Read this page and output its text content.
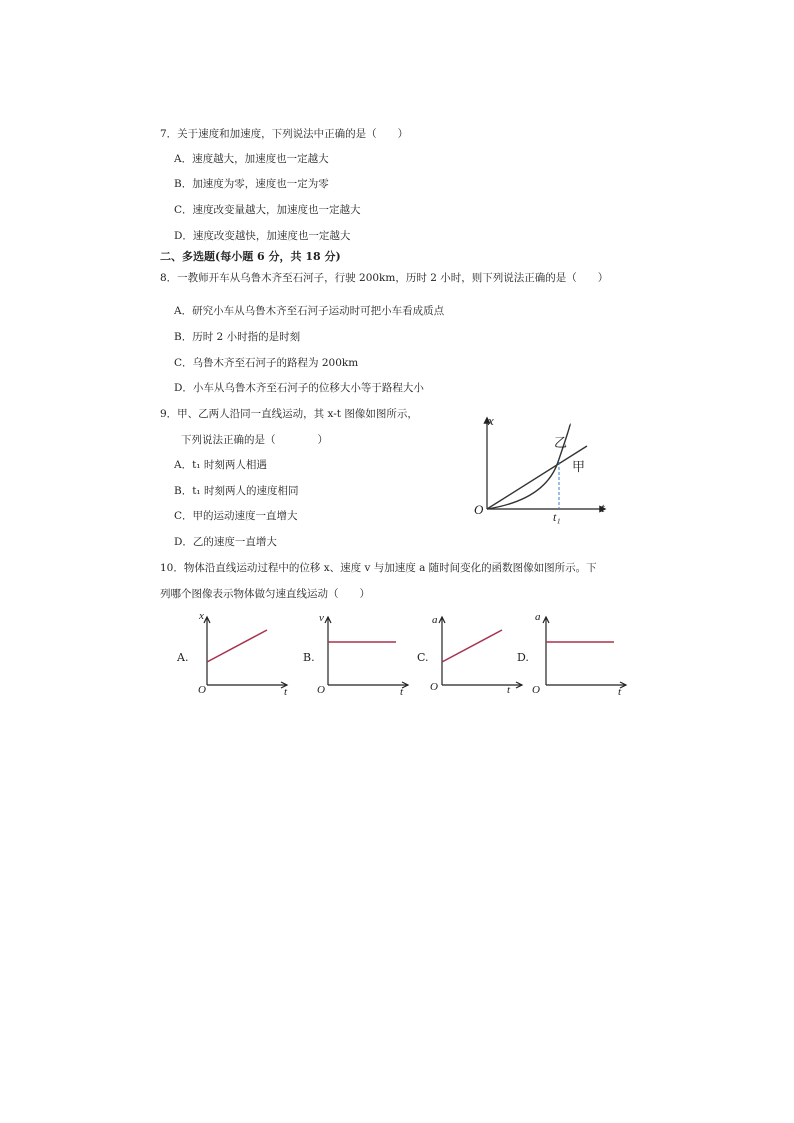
7．关于速度和加速度，下列说法中正确的是（　　）
A．速度越大，加速度也一定越大
B．加速度为零，速度也一定为零
C．速度改变量越大，加速度也一定越大
D．速度改变越快，加速度也一定越大
二、多选题(每小题 6 分，共 18 分)
8．一教师开车从乌鲁木齐至石河子，行驶 200km，历时 2 小时，则下列说法正确的是（　　）
A．研究小车从乌鲁木齐至石河子运动时可把小车看成质点
B．历时 2 小时指的是时刻
C．乌鲁木齐至石河子的路程为 200km
D．小车从乌鲁木齐至石河子的位移大小等于路程大小
9．甲、乙两人沿同一直线运动，其 x-t 图像如图所示，
下列说法正确的是（　　　　）
A．t₁ 时刻两人相遇
B．t₁ 时刻两人的速度相同
C．甲的运动速度一直增大
D．乙的速度一直增大
x
t
O	t₁
甲
乙
10．物体沿直线运动过程中的位移 x、速度 v 与加速度 a 随时间变化的函数图像如图所示。下
列哪个图像表示物体做匀速直线运动（　　）
A.
x
t
O
B.
v
t
O
C.
a
t
O
D.
a
t
O
